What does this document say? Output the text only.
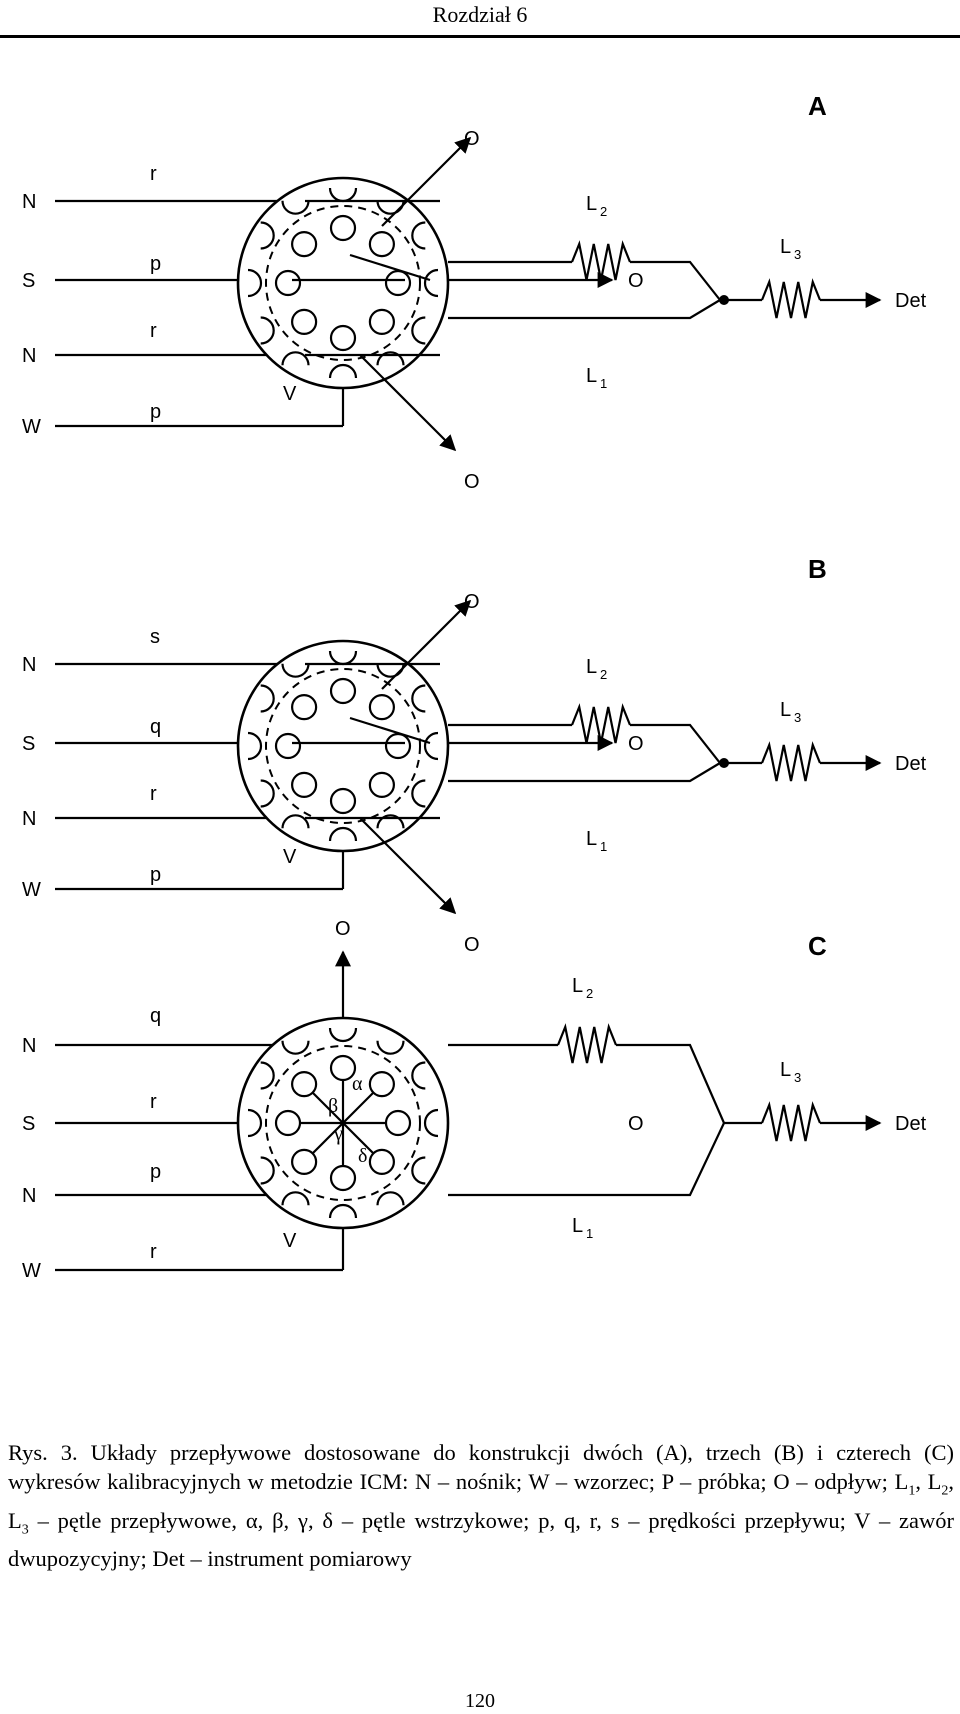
Rozdział 6
A
N
r
S
p
N
r
W
p
V
O
O
O
L 2
L 1
L 3
Det
B
N
s
S
q
N
r
W
p
V
O
O
O
L 2
L 1
L 3
Det
C
N
q
S
r
N
p
W
r
α
β
γ
δ
V
O
L 2
L 1
O
L 3
Det
Rys. 3. Układy przepływowe dostosowane do konstrukcji dwóch (A), trzech (B) i czterech (C) wykresów kalibracyjnych w metodzie ICM: N – nośnik; W – wzorzec; P – próbka; O – odpływ; $L_1$, $L_2$, $L_3$ – pętle przepływowe, α, β, γ, δ – pętle wstrzykowe; p, q, r, s – prędkości przepływu; V – zawór dwupozycyjny; Det – instrument pomiarowy
120
